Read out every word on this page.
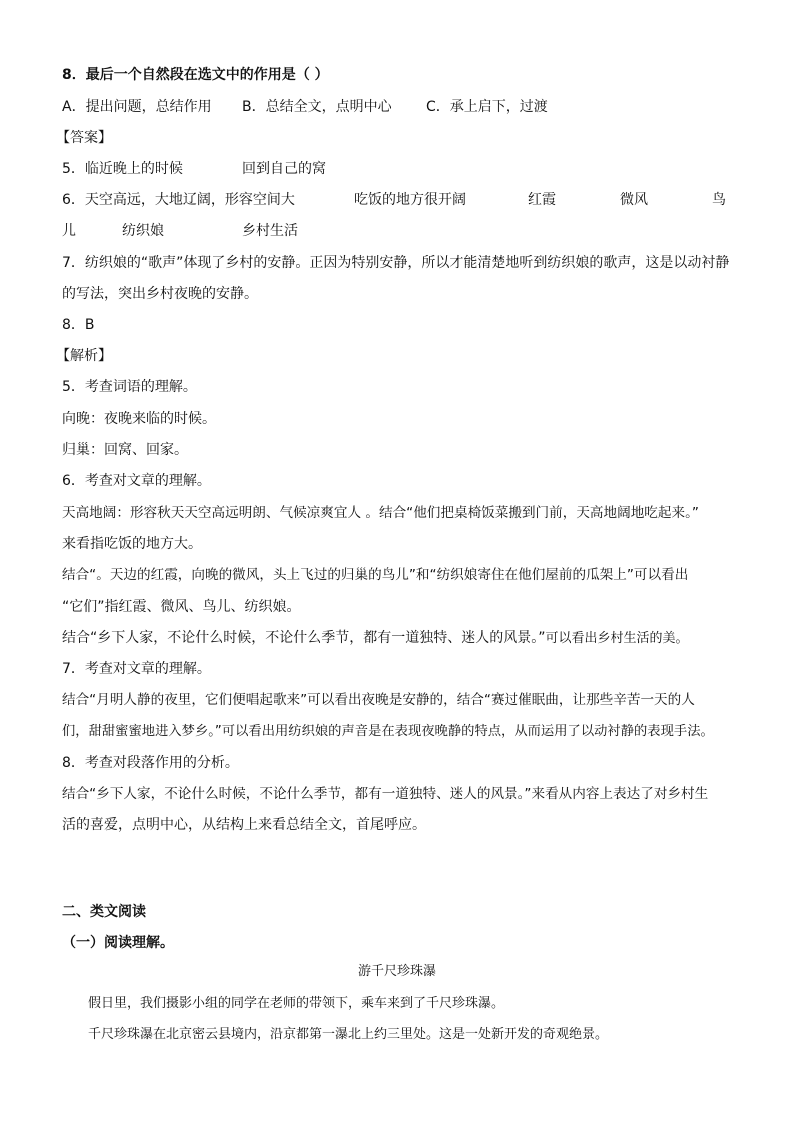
8．最后一个自然段在选文中的作用是（ ）
A．提出问题，总结作用 B．总结全文，点明中心 C．承上启下，过渡
【答案】
5．临近晚上的时候	回到自己的窝
6．天空高远，大地辽阔，形容空间大	吃饭的地方很开阔	红霞	微风	鸟
儿	纺织娘	乡村生活
7．纺织娘的“歌声”体现了乡村的安静。正因为特别安静，所以才能清楚地听到纺织娘的歌声，这是以动衬静
的写法，突出乡村夜晚的安静。
8．B
【解析】
5．考查词语的理解。
向晚：夜晚来临的时候。
归巢：回窝、回家。
6．考查对文章的理解。
天高地阔：形容秋天天空高远明朗、气候凉爽宜人 。结合“他们把桌椅饭菜搬到门前，天高地阔地吃起来。”
来看指吃饭的地方大。
结合“。天边的红霞，向晚的微风，头上飞过的归巢的鸟儿”和“纺织娘寄住在他们屋前的瓜架上”可以看出
“它们”指红霞、微风、鸟儿、纺织娘。
结合“乡下人家，不论什么时候，不论什么季节，都有一道独特、迷人的风景。”可以看出乡村生活的美。
7．考查对文章的理解。
结合“月明人静的夜里，它们便唱起歌来”可以看出夜晚是安静的，结合“赛过催眠曲，让那些辛苦一天的人
们，甜甜蜜蜜地进入梦乡。”可以看出用纺织娘的声音是在表现夜晚静的特点，从而运用了以动衬静的表现手法。
8．考查对段落作用的分析。
结合“乡下人家，不论什么时候，不论什么季节，都有一道独特、迷人的风景。”来看从内容上表达了对乡村生
活的喜爱，点明中心，从结构上来看总结全文，首尾呼应。
二、类文阅读
（一）阅读理解。
游千尺珍珠瀑
假日里，我们摄影小组的同学在老师的带领下，乘车来到了千尺珍珠瀑。
千尺珍珠瀑在北京密云县境内，沿京都第一瀑北上约三里处。这是一处新开发的奇观绝景。
